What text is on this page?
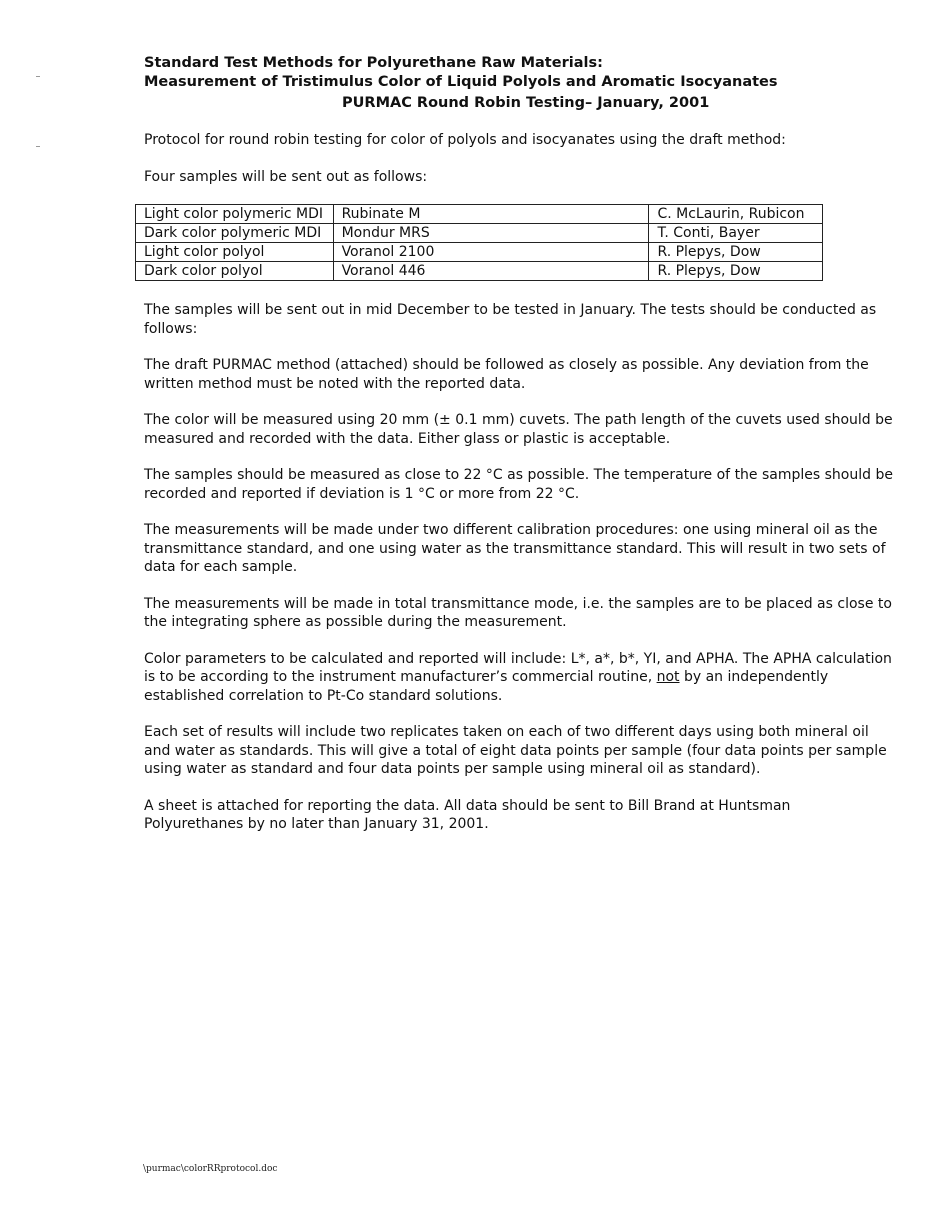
Standard Test Methods for Polyurethane Raw Materials:
Measurement of Tristimulus Color of Liquid Polyols and Aromatic Isocyanates
PURMAC Round Robin Testing– January, 2001

Protocol for round robin testing for color of polyols and isocyanates using the draft method:

Four samples will be sent out as follows:

Light color polymeric MDI	Rubinate M	C. McLaurin, Rubicon
Dark color polymeric MDI	Mondur MRS	T. Conti, Bayer
Light color polyol	Voranol 2100	R. Plepys, Dow
Dark color polyol	Voranol 446	R. Plepys, Dow

The samples will be sent out in mid December to be tested in January. The tests should be conducted as follows:

The draft PURMAC method (attached) should be followed as closely as possible. Any deviation from the written method must be noted with the reported data.

The color will be measured using 20 mm (± 0.1 mm) cuvets. The path length of the cuvets used should be measured and recorded with the data. Either glass or plastic is acceptable.

The samples should be measured as close to 22 °C as possible. The temperature of the samples should be recorded and reported if deviation is 1 °C or more from 22 °C.

The measurements will be made under two different calibration procedures: one using mineral oil as the transmittance standard, and one using water as the transmittance standard. This will result in two sets of data for each sample.

The measurements will be made in total transmittance mode, i.e. the samples are to be placed as close to the integrating sphere as possible during the measurement.

Color parameters to be calculated and reported will include: L*, a*, b*, YI, and APHA. The APHA calculation is to be according to the instrument manufacturer’s commercial routine, not by an independently established correlation to Pt-Co standard solutions.

Each set of results will include two replicates taken on each of two different days using both mineral oil and water as standards. This will give a total of eight data points per sample (four data points per sample using water as standard and four data points per sample using mineral oil as standard).

A sheet is attached for reporting the data. All data should be sent to Bill Brand at Huntsman Polyurethanes by no later than January 31, 2001.

\purmac\colorRRprotocol.doc
